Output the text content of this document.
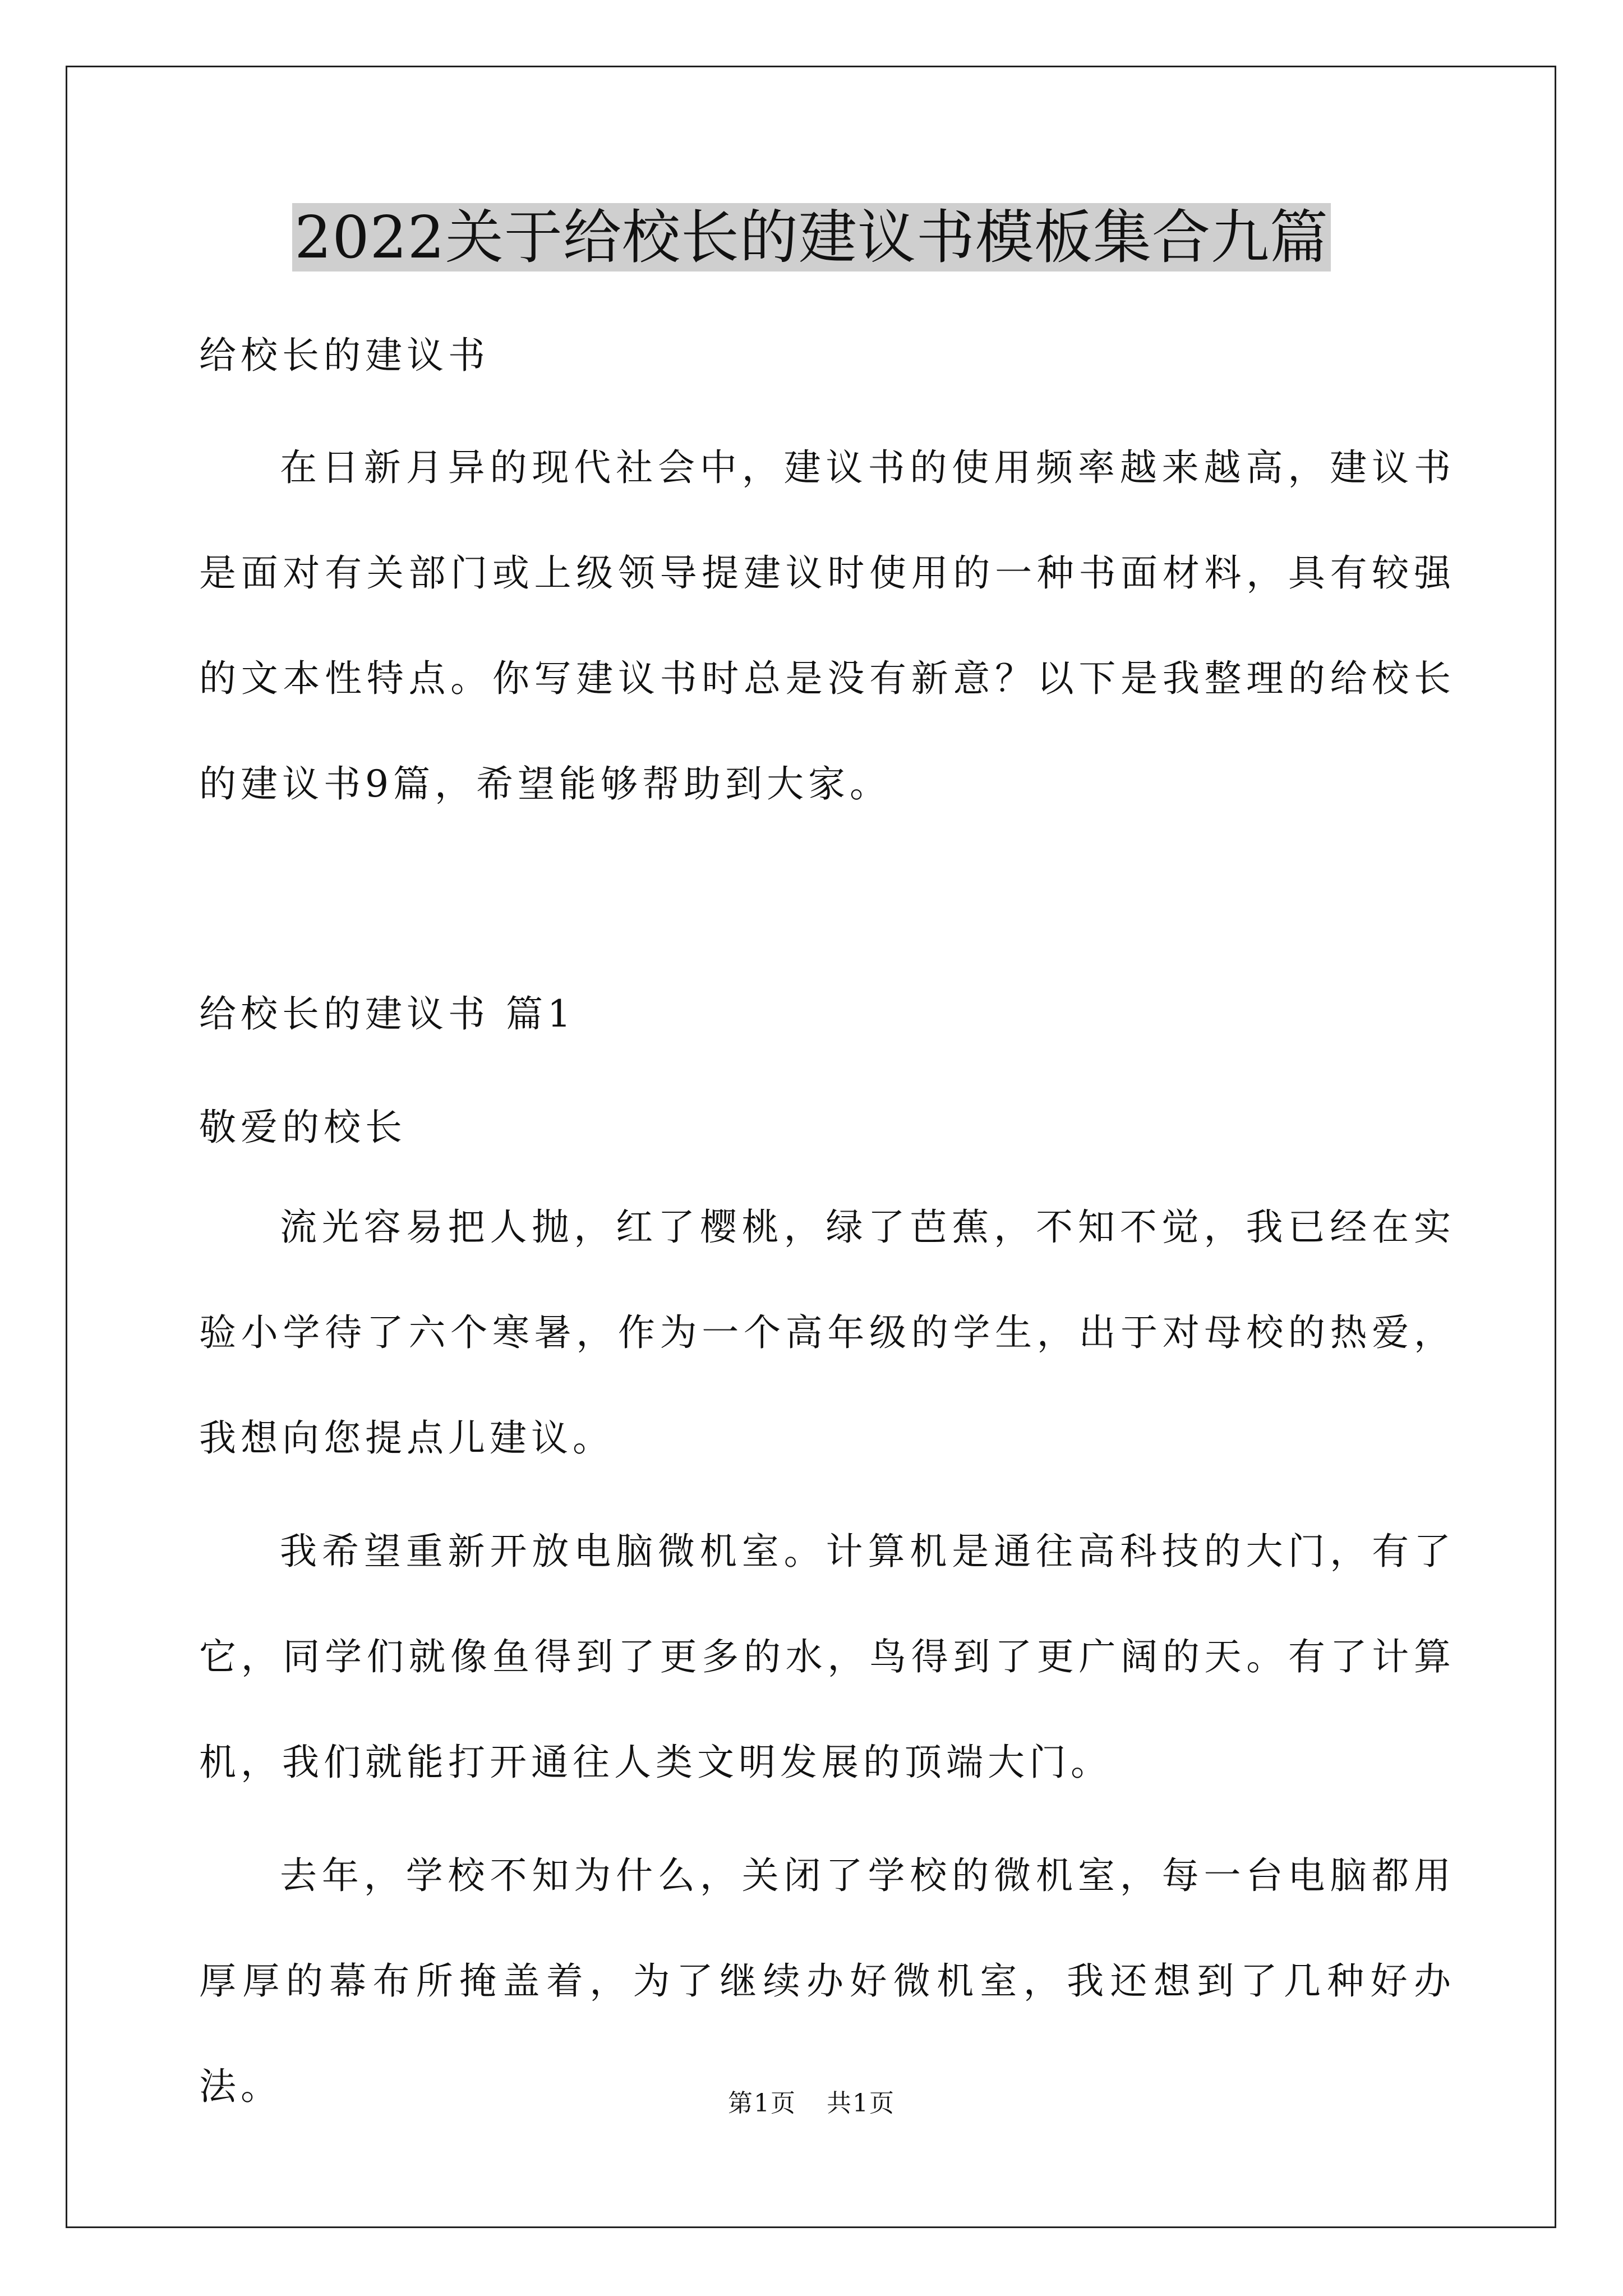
2022关于给校长的建议书模板集合九篇
给校长的建议书

在日新月异的现代社会中，建议书的使用频率越来越高，建议书是面对有关部门或上级领导提建议时使用的一种书面材料，具有较强的文本性特点。你写建议书时总是没有新意？以下是我整理的给校长的建议书9篇，希望能够帮助到大家。

给校长的建议书 篇1
敬爱的校长

流光容易把人抛，红了樱桃，绿了芭蕉，不知不觉，我已经在实验小学待了六个寒暑，作为一个高年级的学生，出于对母校的热爱，我想向您提点儿建议。

我希望重新开放电脑微机室。计算机是通往高科技的大门，有了它，同学们就像鱼得到了更多的水，鸟得到了更广阔的天。有了计算机，我们就能打开通往人类文明发展的顶端大门。

去年，学校不知为什么，关闭了学校的微机室，每一台电脑都用厚厚的幕布所掩盖着，为了继续办好微机室，我还想到了几种好办法。	第1页 共1页
